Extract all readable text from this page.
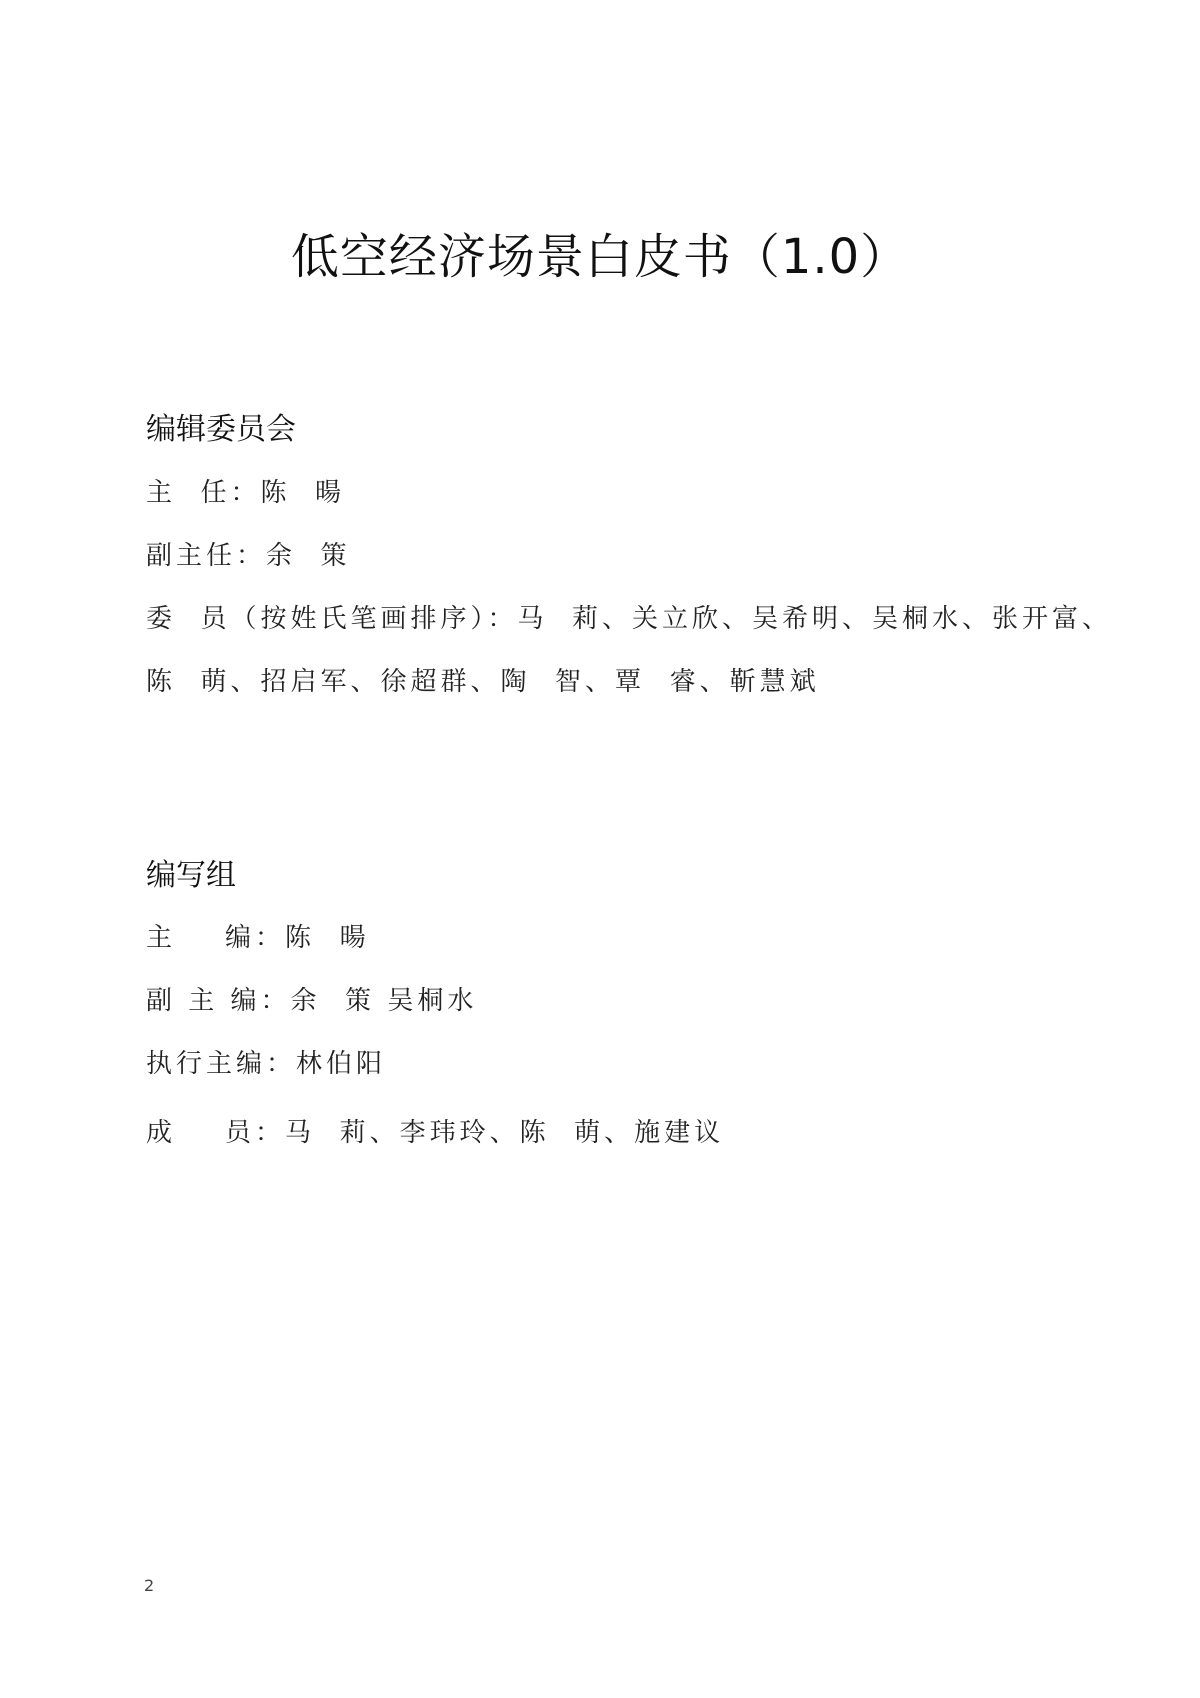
低空经济场景白皮书（1.0）
编辑委员会
主  任：陈  暘
副主任：余  策
委  员（按姓氏笔画排序）：马  莉、关立欣、吴希明、吴桐水、张开富、
陈  萌、招启军、徐超群、陶  智、覃  睿、靳慧斌
编写组
主    编：陈  暘
副 主 编：余  策 吴桐水
执行主编：林伯阳
成    员：马  莉、李玮玲、陈  萌、施建议
2
